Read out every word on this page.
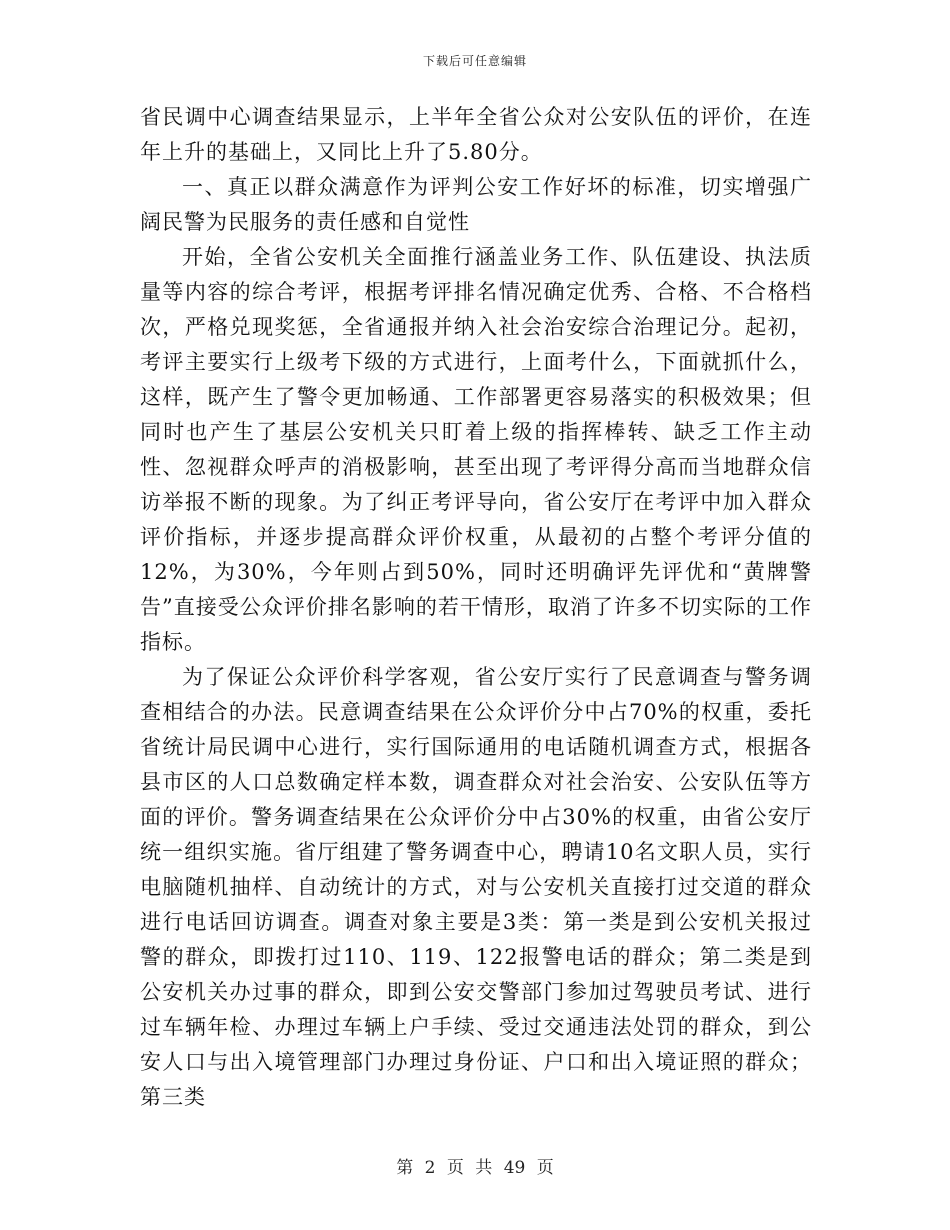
下载后可任意编辑

省民调中心调查结果显示，上半年全省公众对公安队伍的评价，在连年上升的基础上，又同比上升了5.80分。

一、真正以群众满意作为评判公安工作好坏的标准，切实增强广阔民警为民服务的责任感和自觉性

开始，全省公安机关全面推行涵盖业务工作、队伍建设、执法质量等内容的综合考评，根据考评排名情况确定优秀、合格、不合格档次，严格兑现奖惩，全省通报并纳入社会治安综合治理记分。起初，考评主要实行上级考下级的方式进行，上面考什么，下面就抓什么，这样，既产生了警令更加畅通、工作部署更容易落实的积极效果；但同时也产生了基层公安机关只盯着上级的指挥棒转、缺乏工作主动性、忽视群众呼声的消极影响，甚至出现了考评得分高而当地群众信访举报不断的现象。为了纠正考评导向，省公安厅在考评中加入群众评价指标，并逐步提高群众评价权重，从最初的占整个考评分值的12%，为30%，今年则占到50%，同时还明确评先评优和“黄牌警告”直接受公众评价排名影响的若干情形，取消了许多不切实际的工作指标。

为了保证公众评价科学客观，省公安厅实行了民意调查与警务调查相结合的办法。民意调查结果在公众评价分中占70%的权重，委托省统计局民调中心进行，实行国际通用的电话随机调查方式，根据各县市区的人口总数确定样本数，调查群众对社会治安、公安队伍等方面的评价。警务调查结果在公众评价分中占30%的权重，由省公安厅统一组织实施。省厅组建了警务调查中心，聘请10名文职人员，实行电脑随机抽样、自动统计的方式，对与公安机关直接打过交道的群众进行电话回访调查。调查对象主要是3类：第一类是到公安机关报过警的群众，即拨打过110、119、122报警电话的群众；第二类是到公安机关办过事的群众，即到公安交警部门参加过驾驶员考试、进行过车辆年检、办理过车辆上户手续、受过交通违法处罚的群众，到公安人口与出入境管理部门办理过身份证、户口和出入境证照的群众；第三类

第 2 页 共 49 页
